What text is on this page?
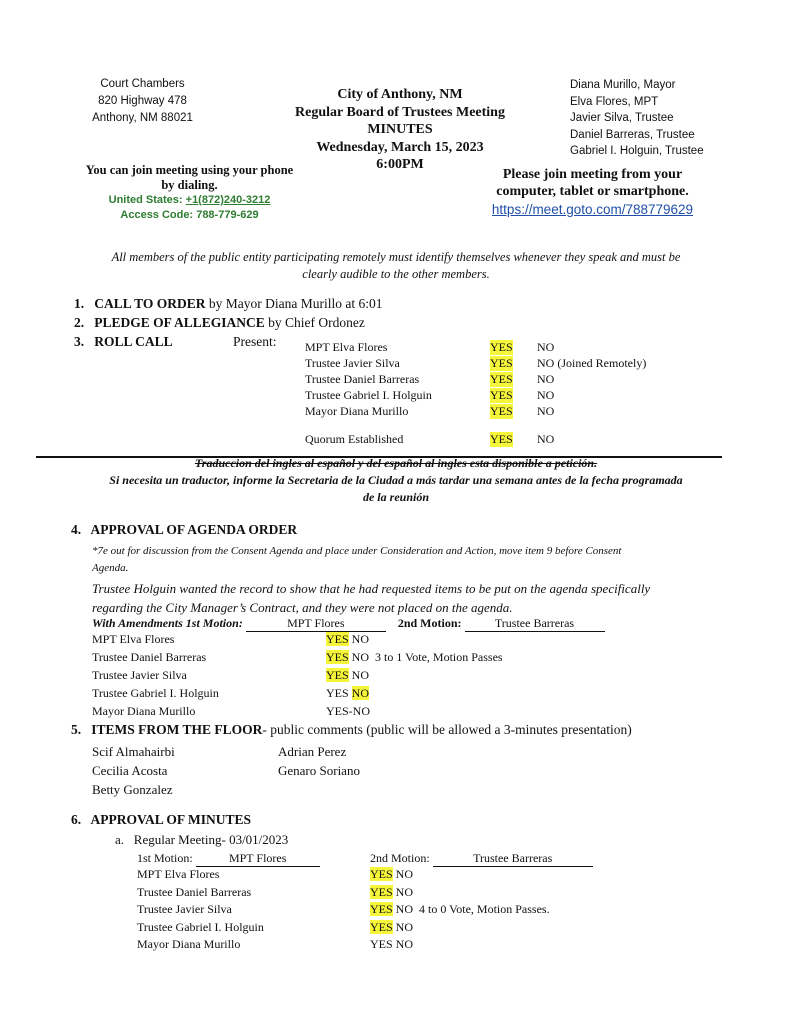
Court Chambers
820 Highway 478
Anthony, NM 88021
City of Anthony, NM
Regular Board of Trustees Meeting
MINUTES
Wednesday, March 15, 2023
6:00PM
Diana Murillo, Mayor
Elva Flores, MPT
Javier Silva, Trustee
Daniel Barreras, Trustee
Gabriel I. Holguin, Trustee
You can join meeting using your phone
by dialing.
United States: +1(872)240-3212
Access Code: 788-779-629
Please join meeting from your
computer, tablet or smartphone.
https://meet.goto.com/788779629
All members of the public entity participating remotely must identify themselves whenever they speak and must be
clearly audible to the other members.
1. CALL TO ORDER by Mayor Diana Murillo at 6:01
2. PLEDGE OF ALLEGIANCE by Chief Ordonez
3. ROLL CALL	Present: MPT Elva Flores	YES NO
Trustee Javier Silva	YES NO (Joined Remotely)
Trustee Daniel Barreras	YES NO
Trustee Gabriel I. Holguin	YES NO
Mayor Diana Murillo	YES NO
Quorum Established	YES NO
Traduccion del ingles al español y del español al ingles esta disponible a petición.
Si necesita un traductor, informe la Secretaria de la Ciudad a más tardar una semana antes de la fecha programada
de la reunión
4. APPROVAL OF AGENDA ORDER
*7e out for discussion from the Consent Agenda and place under Consideration and Action, move item 9 before Consent
Agenda.
Trustee Holguin wanted the record to show that he had requested items to be put on the agenda specifically
regarding the City Manager’s Contract, and they were not placed on the agenda.
With Amendments 1st Motion:	MPT Flores	2nd Motion:	Trustee Barreras
MPT Elva Flores	YES NO
Trustee Daniel Barreras	YES NO 3 to 1 Vote, Motion Passes
Trustee Javier Silva	YES NO
Trustee Gabriel I. Holguin	YES NO
Mayor Diana Murillo	YES-NO
5. ITEMS FROM THE FLOOR- public comments (public will be allowed a 3-minutes presentation)
Scif Almahairbi
Cecilia Acosta
Betty Gonzalez
Adrian Perez
Genaro Soriano
6. APPROVAL OF MINUTES
a.   Regular Meeting- 03/01/2023
1st Motion:	MPT Flores	2nd Motion:	Trustee Barreras
MPT Elva Flores	YES NO
Trustee Daniel Barreras	YES NO
Trustee Javier Silva	YES NO 4 to 0 Vote, Motion Passes.
Trustee Gabriel I. Holguin	YES NO
Mayor Diana Murillo	YES NO
